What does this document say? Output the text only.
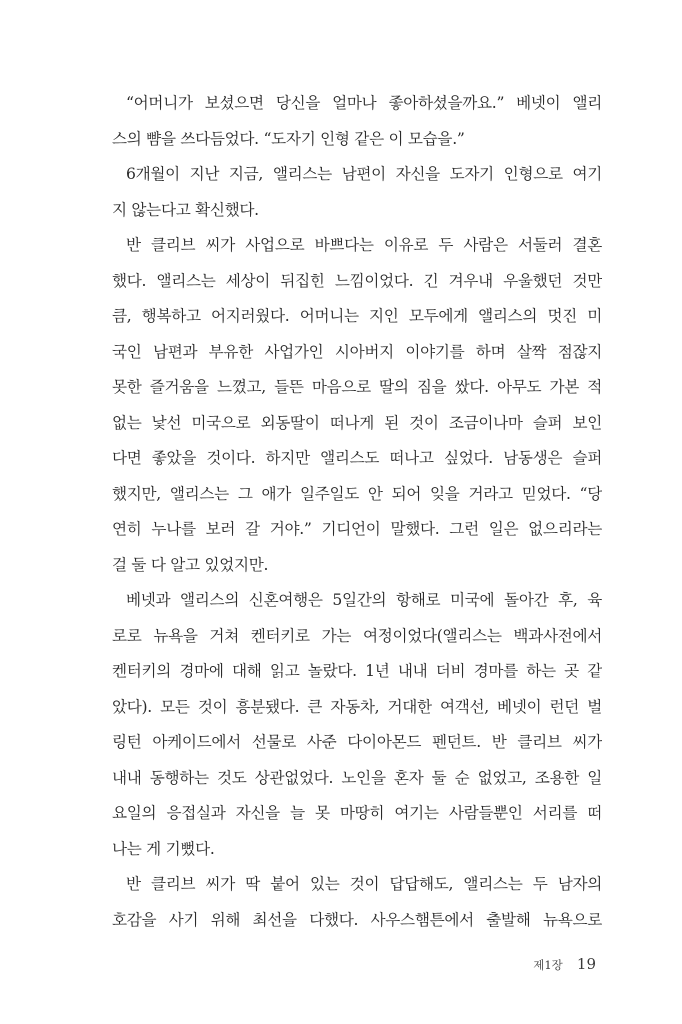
“어머니가 보셨으면 당신을 얼마나 좋아하셨을까요.” 베넷이 앨리
스의 뺨을 쓰다듬었다. “도자기 인형 같은 이 모습을.”
6개월이 지난 지금, 앨리스는 남편이 자신을 도자기 인형으로 여기
지 않는다고 확신했다.
반 클리브 씨가 사업으로 바쁘다는 이유로 두 사람은 서둘러 결혼
했다. 앨리스는 세상이 뒤집힌 느낌이었다. 긴 겨우내 우울했던 것만
큼, 행복하고 어지러웠다. 어머니는 지인 모두에게 앨리스의 멋진 미
국인 남편과 부유한 사업가인 시아버지 이야기를 하며 살짝 점잖지
못한 즐거움을 느꼈고, 들뜬 마음으로 딸의 짐을 쌌다. 아무도 가본 적
없는 낯선 미국으로 외동딸이 떠나게 된 것이 조금이나마 슬퍼 보인
다면 좋았을 것이다. 하지만 앨리스도 떠나고 싶었다. 남동생은 슬퍼
했지만, 앨리스는 그 애가 일주일도 안 되어 잊을 거라고 믿었다. “당
연히 누나를 보러 갈 거야.” 기디언이 말했다. 그런 일은 없으리라는
걸 둘 다 알고 있었지만.
베넷과 앨리스의 신혼여행은 5일간의 항해로 미국에 돌아간 후, 육
로로 뉴욕을 거쳐 켄터키로 가는 여정이었다(앨리스는 백과사전에서
켄터키의 경마에 대해 읽고 놀랐다. 1년 내내 더비 경마를 하는 곳 같
았다). 모든 것이 흥분됐다. 큰 자동차, 거대한 여객선, 베넷이 런던 벌
링턴 아케이드에서 선물로 사준 다이아몬드 펜던트. 반 클리브 씨가
내내 동행하는 것도 상관없었다. 노인을 혼자 둘 순 없었고, 조용한 일
요일의 응접실과 자신을 늘 못 마땅히 여기는 사람들뿐인 서리를 떠
나는 게 기뻤다.
반 클리브 씨가 딱 붙어 있는 것이 답답해도, 앨리스는 두 남자의
호감을 사기 위해 최선을 다했다. 사우스햄튼에서 출발해 뉴욕으로
제1장 19
